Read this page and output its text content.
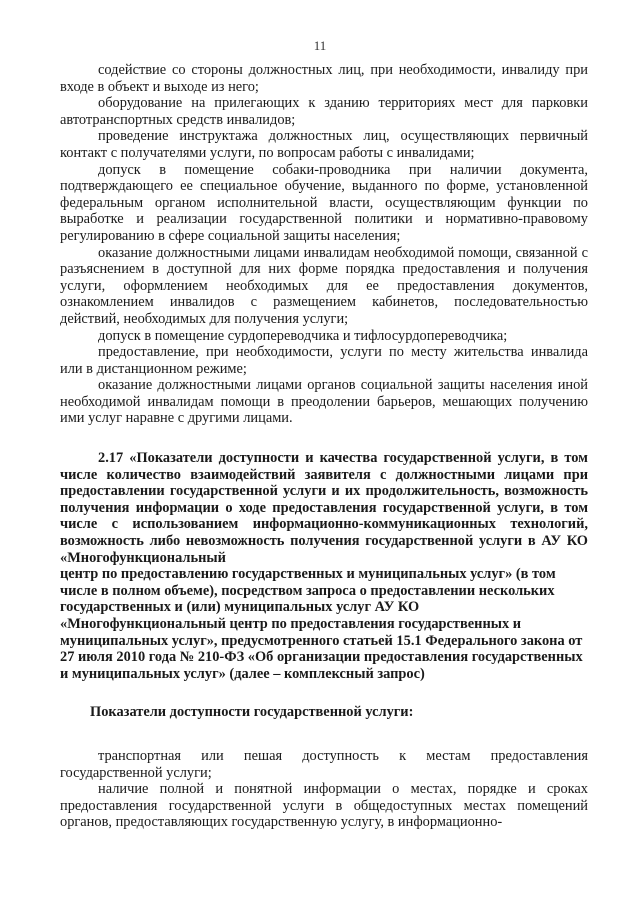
11

содействие со стороны должностных лиц, при необходимости, инвалиду при входе в объект и выходе из него;

оборудование на прилегающих к зданию территориях мест для парковки автотранспортных средств инвалидов;

проведение инструктажа должностных лиц, осуществляющих первичный контакт с получателями услуги, по вопросам работы с инвалидами;

допуск в помещение собаки-проводника при наличии документа, подтверждающего ее специальное обучение, выданного по форме, установленной федеральным органом исполнительной власти, осуществляющим функции по выработке и реализации государственной политики и нормативно-правовому регулированию в сфере социальной защиты населения;

оказание должностными лицами инвалидам необходимой помощи, связанной с разъяснением в доступной для них форме порядка предоставления и получения услуги, оформлением необходимых для ее предоставления документов, ознакомлением инвалидов с размещением кабинетов, последовательностью действий, необходимых для получения услуги;

допуск в помещение сурдопереводчика и тифлосурдопереводчика;

предоставление, при необходимости, услуги по месту жительства инвалида или в дистанционном режиме;

оказание должностными лицами органов социальной защиты населения иной необходимой инвалидам помощи в преодолении барьеров, мешающих получению ими услуг наравне с другими лицами.

2.17 «Показатели доступности и качества государственной услуги, в том числе количество взаимодействий заявителя с должностными лицами при предоставлении государственной услуги и их продолжительность, возможность получения информации о ходе предоставления государственной услуги, в том числе с использованием информационно-коммуникационных технологий, возможность либо невозможность получения государственной услуги в АУ КО «Многофункциональный

центр по предоставлению государственных и муниципальных услуг» (в том числе в полном объеме), посредством запроса о предоставлении нескольких государственных и (или) муниципальных услуг АУ КО «Многофункциональный центр по предоставления государственных и муниципальных услуг», предусмотренного статьей 15.1 Федерального закона от 27 июля 2010 года № 210-ФЗ «Об организации предоставления государственных и муниципальных услуг» (далее – комплексный запрос)

Показатели доступности государственной услуги:

транспортная или пешая доступность к местам предоставления государственной услуги;

наличие полной и понятной информации о местах, порядке и сроках предоставления государственной услуги в общедоступных местах помещений органов, предоставляющих государственную услугу, в информационно-
